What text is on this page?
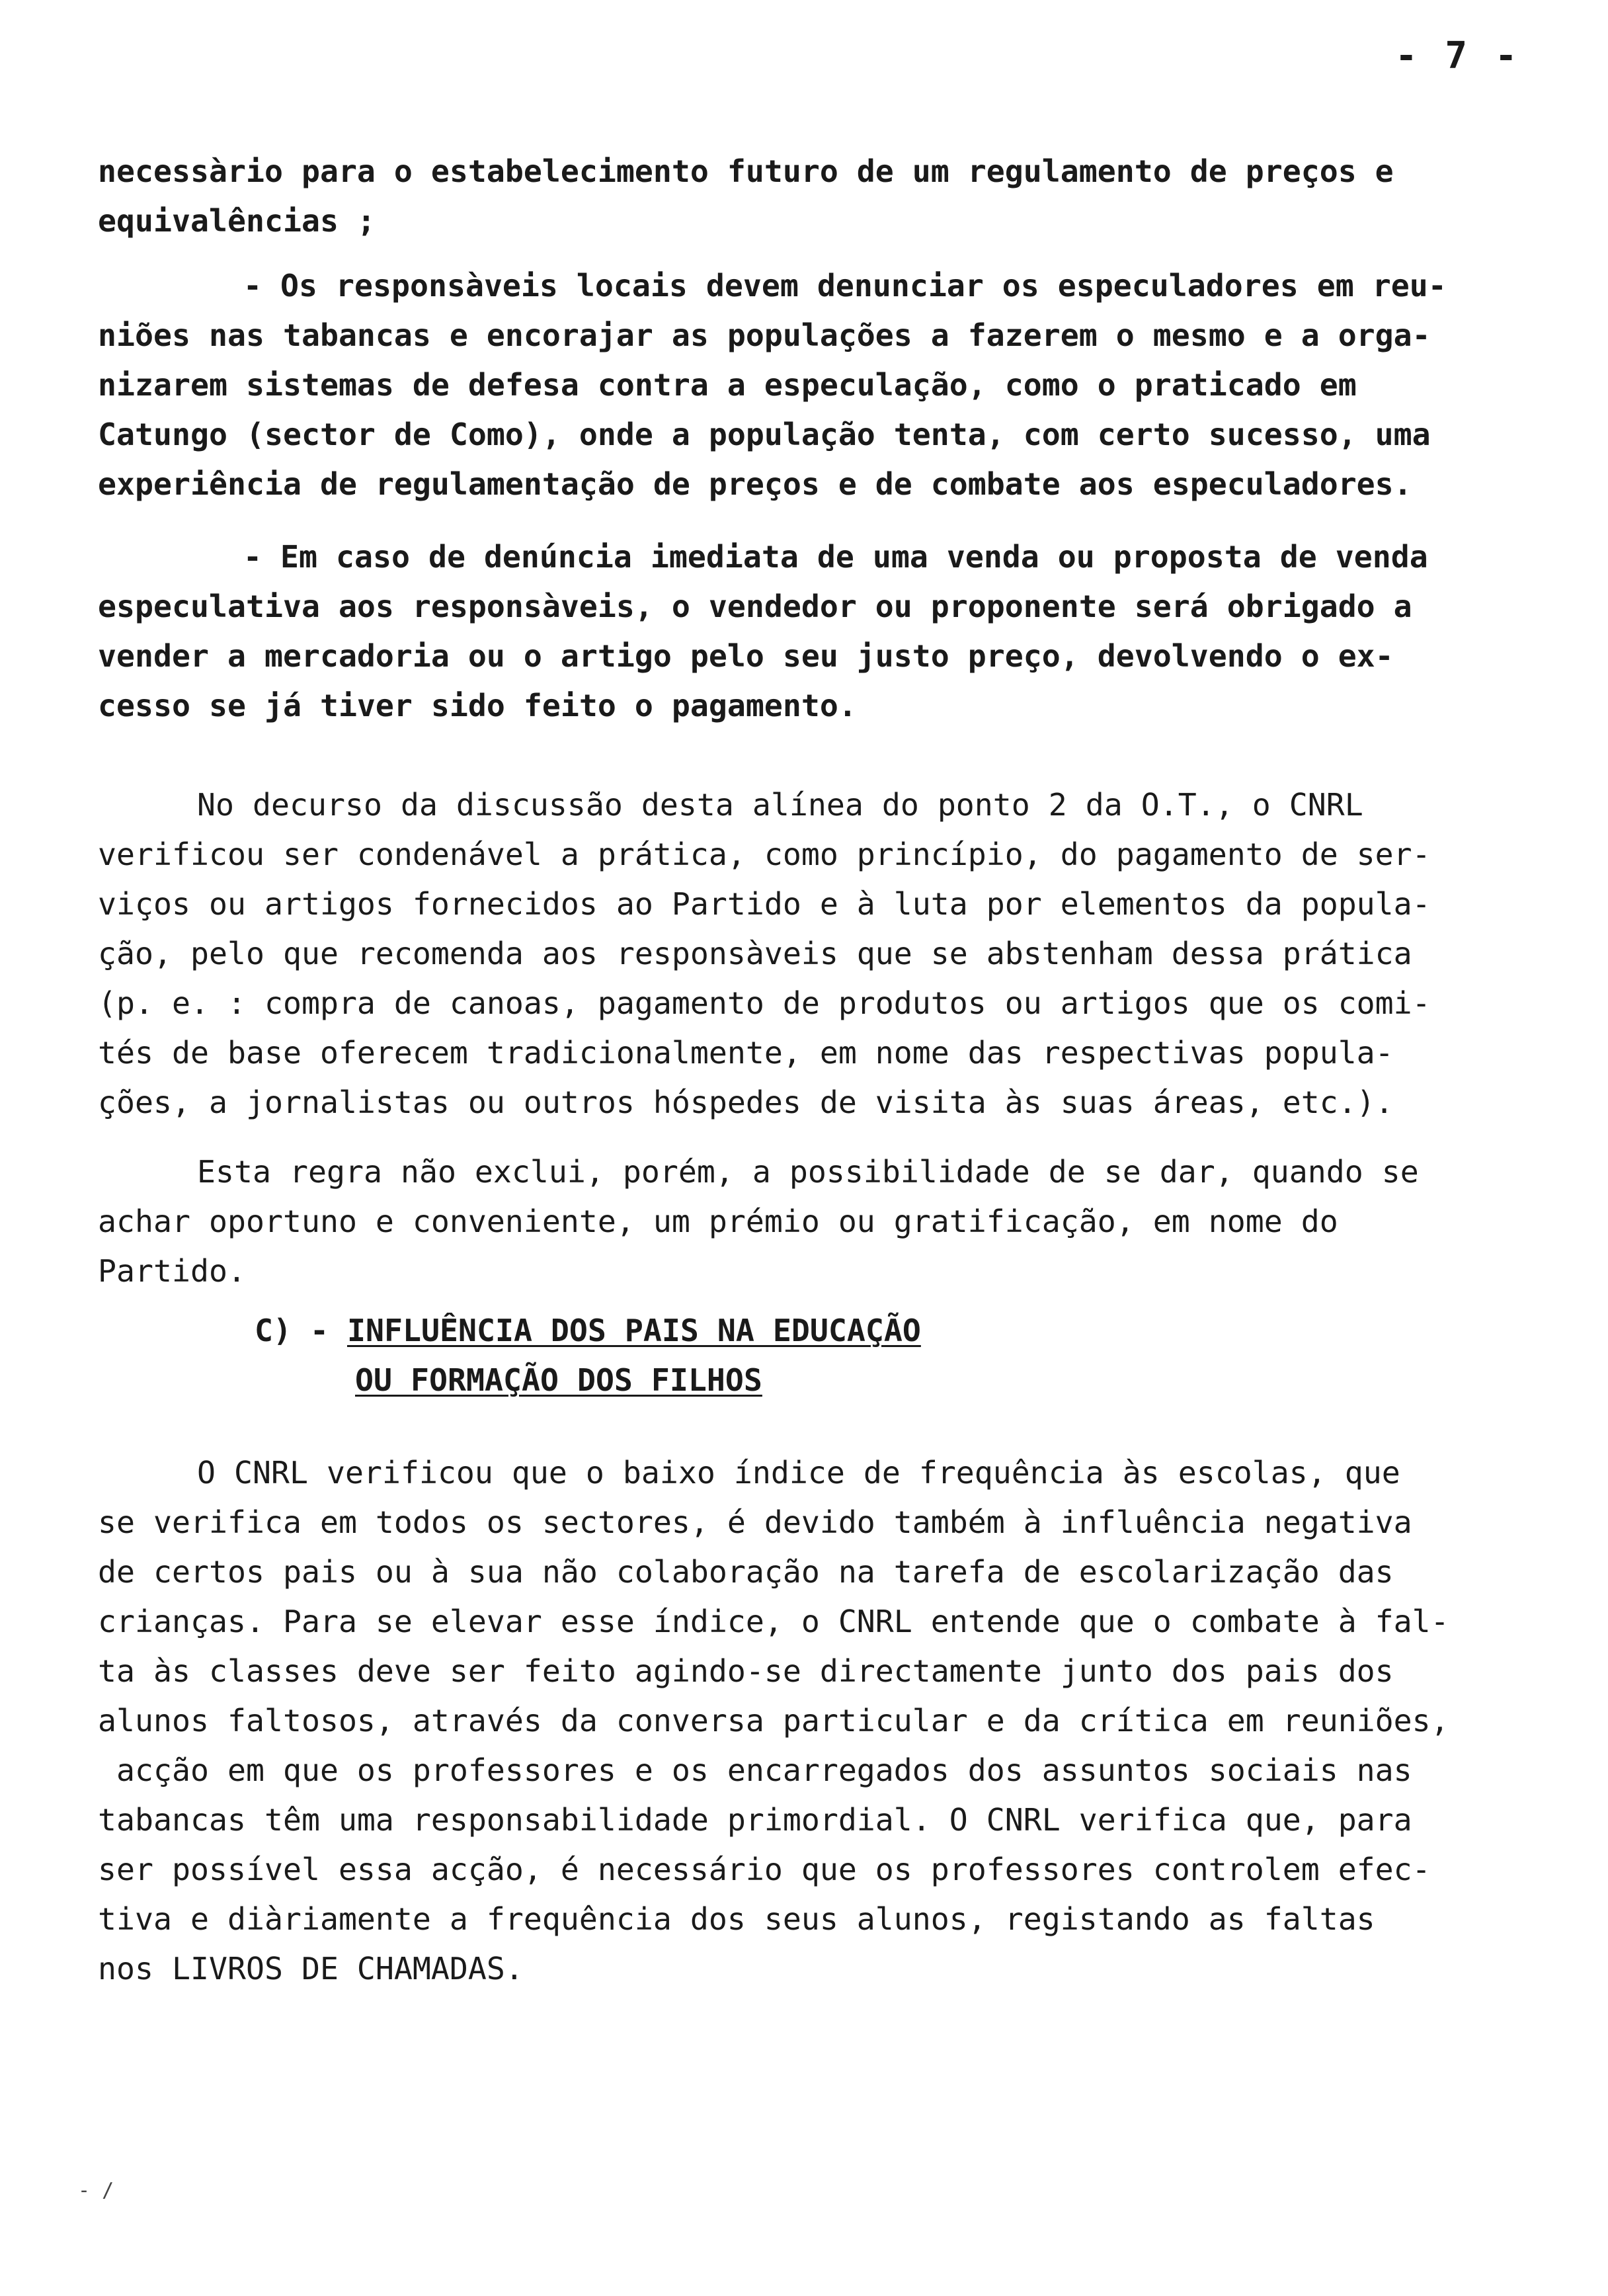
- 7 -
necessàrio para o estabelecimento futuro de um regulamento de preços e
equivalências ;
- Os responsàveis locais devem denunciar os especuladores em reu-
niões nas tabancas e encorajar as populações a fazerem o mesmo e a orga-
nizarem sistemas de defesa contra a especulação, como o praticado em
Catungo (sector de Como), onde a população tenta, com certo sucesso, uma
experiência de regulamentação de preços e de combate aos especuladores.
- Em caso de denúncia imediata de uma venda ou proposta de venda
especulativa aos responsàveis, o vendedor ou proponente será obrigado a
vender a mercadoria ou o artigo pelo seu justo preço, devolvendo o ex-
cesso se já tiver sido feito o pagamento.
No decurso da discussão desta alínea do ponto 2 da O.T., o CNRL
verificou ser condenável a prática, como princípio, do pagamento de ser-
viços ou artigos fornecidos ao Partido e à luta por elementos da popula-
ção, pelo que recomenda aos responsàveis que se abstenham dessa prática
(p. e. : compra de canoas, pagamento de produtos ou artigos que os comi-
tés de base oferecem tradicionalmente, em nome das respectivas popula-
ções, a jornalistas ou outros hóspedes de visita às suas áreas, etc.).
Esta regra não exclui, porém, a possibilidade de se dar, quando se
achar oportuno e conveniente, um prémio ou gratificação, em nome do
Partido.
C) - INFLUÊNCIA DOS PAIS NA EDUCAÇÃO
OU FORMAÇÃO DOS FILHOS
O CNRL verificou que o baixo índice de frequência às escolas, que
se verifica em todos os sectores, é devido também à influência negativa
de certos pais ou à sua não colaboração na tarefa de escolarização das
crianças. Para se elevar esse índice, o CNRL entende que o combate à fal-
ta às classes deve ser feito agindo-se directamente junto dos pais dos
alunos faltosos, através da conversa particular e da crítica em reuniões,
acção em que os professores e os encarregados dos assuntos sociais nas
tabancas têm uma responsabilidade primordial. O CNRL verifica que, para
ser possível essa acção, é necessário que os professores controlem efec-
tiva e diàriamente a frequência dos seus alunos, registando as faltas
nos LIVROS DE CHAMADAS.
- /
